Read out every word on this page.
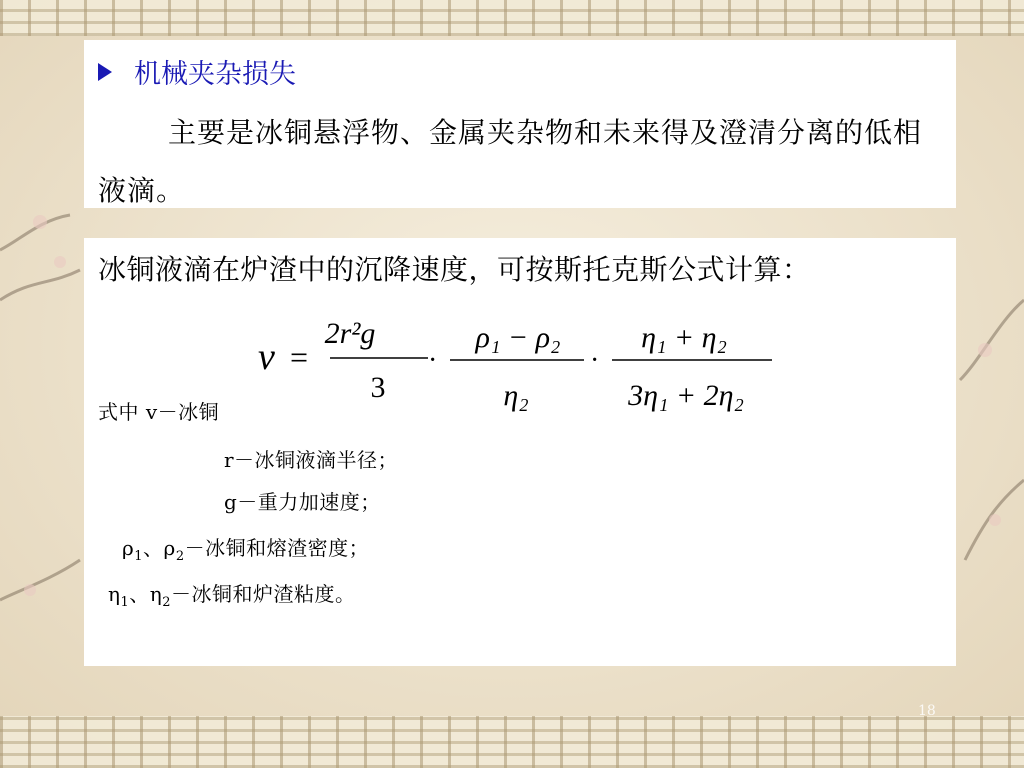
机械夹杂损失
主要是冰铜悬浮物、金属夹杂物和未来得及澄清分离的低相液滴。
冰铜液滴在炉渣中的沉降速度，可按斯托克斯公式计算：
ν =
2r²g
3
·
ρ₁ − ρ₂
η₂
·
η₁ + η₂
3η₁ + 2η₂
式中 v－冰铜
r－冰铜液滴半径；
g－重力加速度；
$\rho_1$、$\rho_2-$冰铜和熔渣密度；
$\eta_1$、$\eta_2-$冰铜和炉渣粘度。
18
